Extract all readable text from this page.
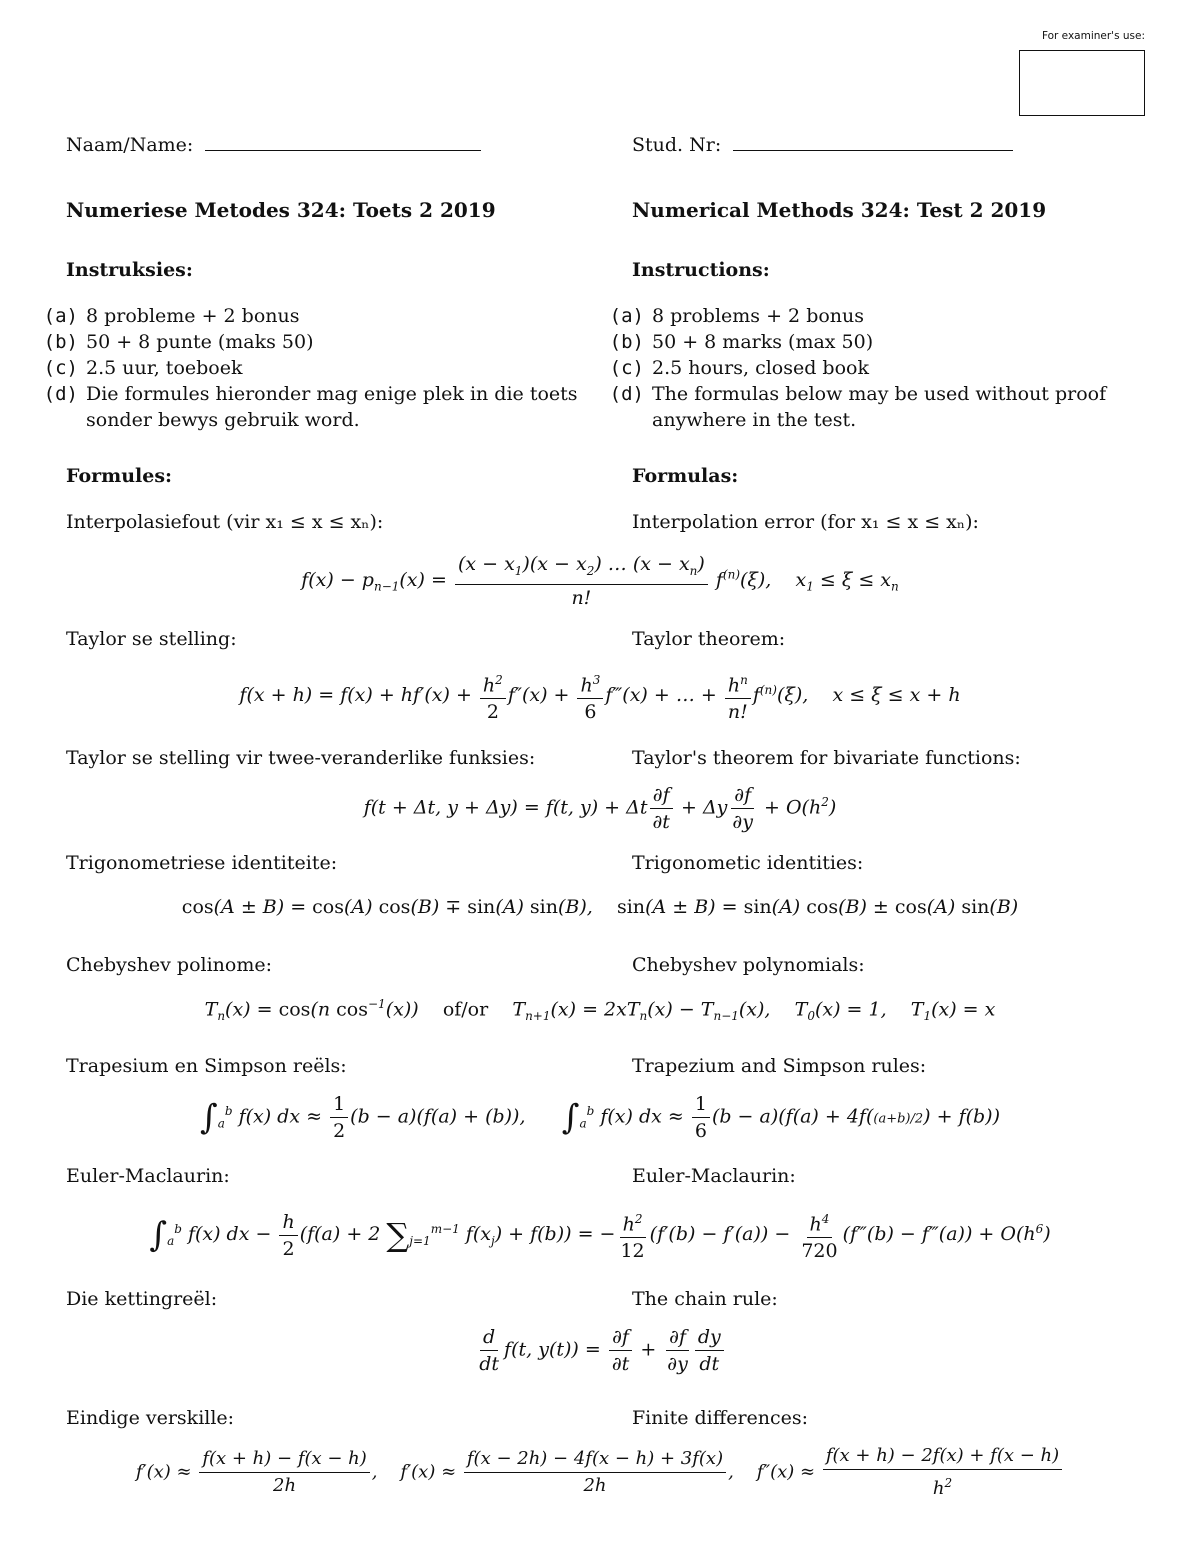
For examiner's use:
Naam/Name:	Stud. Nr:
Numeriese Metodes 324: Toets 2 2019	Numerical Methods 324: Test 2 2019
Instruksies:	Instructions:
(a) 8 probleme + 2 bonus
(b) 50 + 8 punte (maks 50)
(c) 2.5 uur, toeboek
(d) Die formules hieronder mag enige plek in die toets sonder bewys gebruik word.
(a) 8 problems + 2 bonus
(b) 50 + 8 marks (max 50)
(c) 2.5 hours, closed book
(d) The formulas below may be used without proof anywhere in the test.
Formules:	Formulas:
Interpolasiefout (vir x₁ ≤ x ≤ xₙ):	Interpolation error (for x₁ ≤ x ≤ xₙ):
$f(x) - p_{n-1}(x) = \frac{(x - x_1)(x - x_2) \dots (x - x_n)}{n!} f^{(n)}(\xi)$,    $x_1 \le \xi \le x_n$
Taylor se stelling:	Taylor theorem:
$f(x + h) = f(x) + hf'(x) + \frac{h^2}{2} f''(x) + \frac{h^3}{6}$ f‴(x) + … + $\frac{h^n}{n!} f^{(n)}(\xi)$,    x ≤ ξ ≤ x + h
Taylor se stelling vir twee-veranderlike funksies:	Taylor's theorem for bivariate functions:
f(t + Δt, y + Δy) = f(t, y) + Δt $\frac{\partial f}{\partial t} + \Delta y \frac{\partial f}{\partial y} + O(h^2)$
Trigonometriese identiteite:	Trigonometic identities:
cos(A ± B) = cos(A) cos(B) ∓ sin(A) sin(B),    sin(A ± B) = sin(A) cos(B) ± cos(A) sin(B)
Chebyshev polinome:	Chebyshev polynomials:
$T_n(x) = \cos(n$ $\cos^{-1}(x)$)    of/or    $T_{n+1}(x) = 2xT_n(x) - T_{n-1}(x)$,    $T_0(x) = 1$,    $T_1(x) = x$
Trapesium en Simpson reëls:	Trapezium and Simpson rules:
$\int_a^b$ f(x) dx ≈ $\frac{1}{2} (b - a)(f(a) + (b))$,      $\int_a^b$ f(x) dx ≈ $\frac{1}{6} (b - a)(f(a) + 4f((a+b)/2) + f(b))$
Euler-Maclaurin:	Euler-Maclaurin:
$\int_a^b$ f(x) dx − $\frac{h}{2} (f(a) + 2$ $\sum_{j=1}^{m-1}$ $f(x_j) + f(b)$) = − $\frac{h^2}{12} (f'(b) - f'(a)) - \frac{h^4}{720}$ (f‴(b) − f‴(a)) + $O(h^6)$
Die kettingreël:	The chain rule:
$\frac{d}{dt} f(t$, $y(t)) = \frac{\partial f}{\partial t} + \frac{\partial f}{\partial y} \frac{dy}{dt}$
Eindige verskille:	Finite differences:
$f'(x) \approx \frac{f(x + h) - f(x - h)}{2h}$ ,    $f'(x) \approx \frac{f(x - 2h) - 4f(x - h) + 3f(x)}{2h}$ ,    $f''(x) \approx \frac{f(x + h) - 2f(x) + f(x - h)}{h^2}$
